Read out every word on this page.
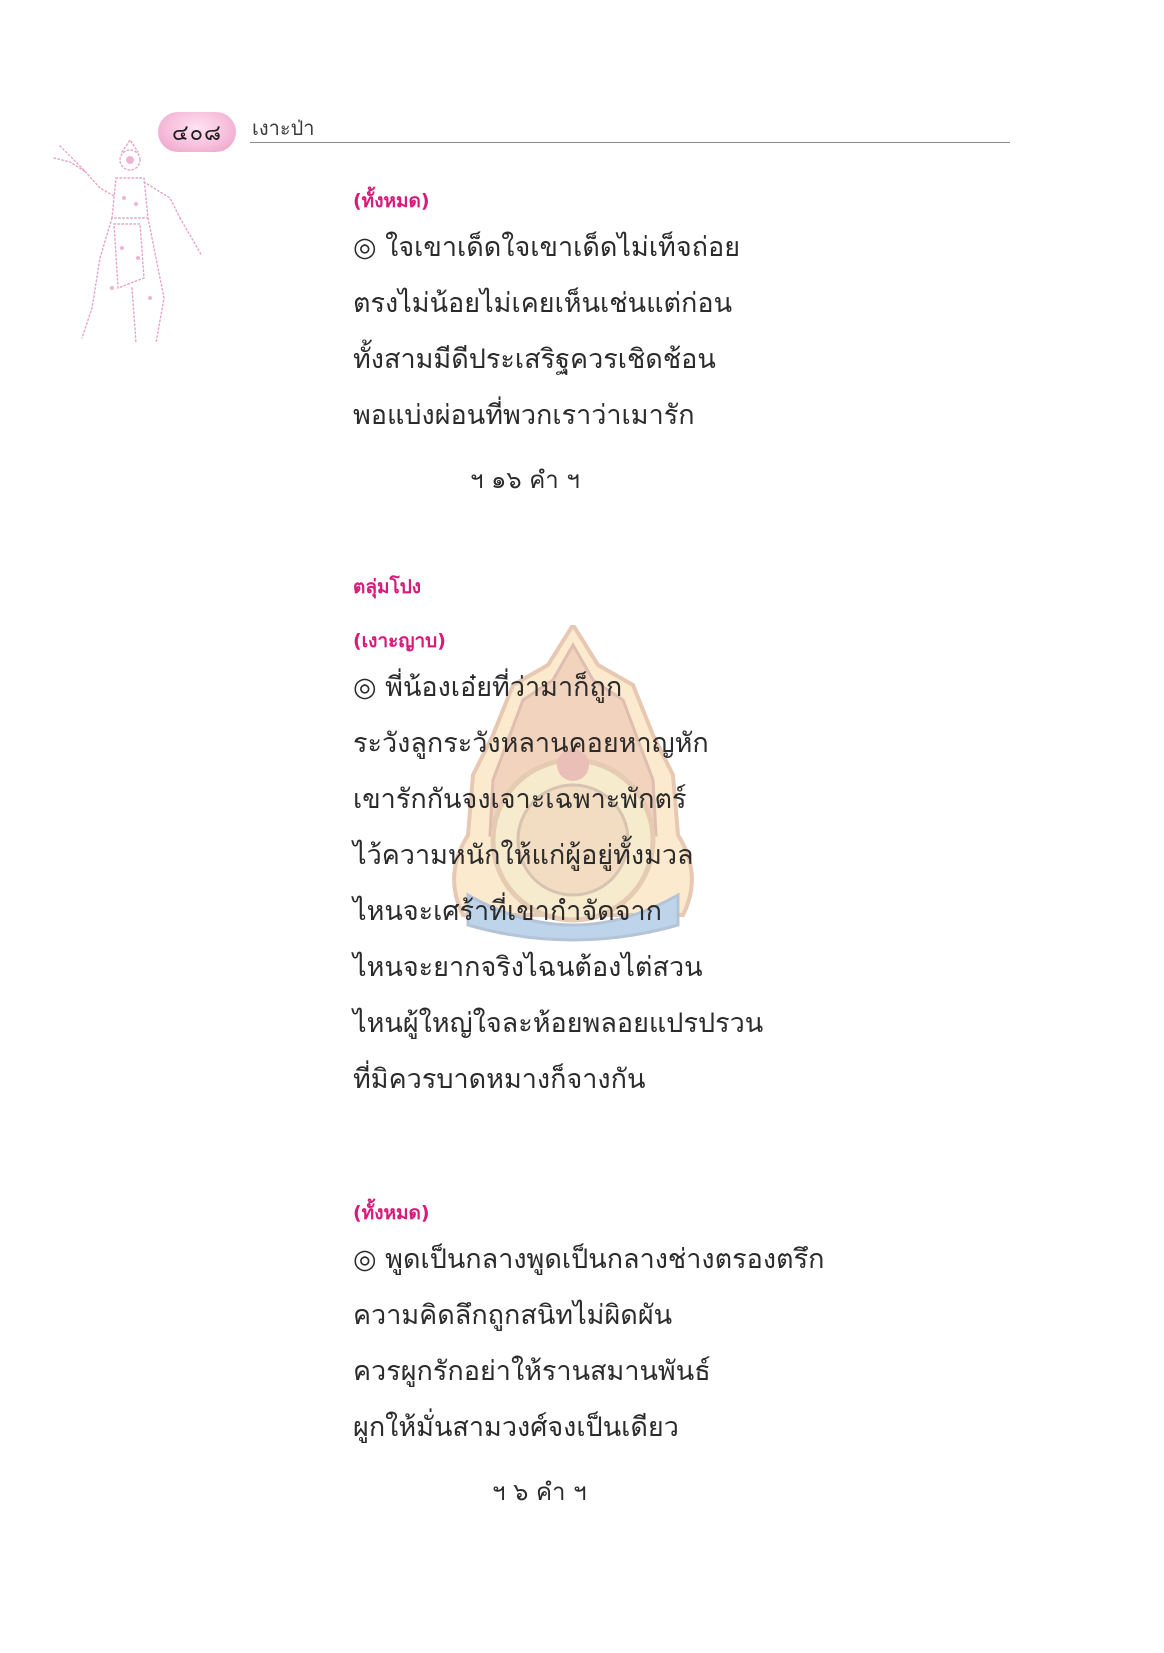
๔๐๘ เงาะป่า
(ทั้งหมด)
◎ ใจเขาเด็ดใจเขาเด็ดไม่เท็จถ่อย
ตรงไม่น้อยไม่เคยเห็นเช่นแต่ก่อน
ทั้งสามมีดีประเสริฐควรเชิดช้อน
พอแบ่งผ่อนที่พวกเราว่าเมารัก
ฯ ๑๖ คำ ฯ
ตลุ่มโปง
(เงาะญาบ)
◎ พี่น้องเอ๋ยที่ว่ามาก็ถูก
ระวังลูกระวังหลานคอยหาญหัก
เขารักกันจงเจาะเฉพาะพักตร์
ไว้ความหนักให้แก่ผู้อยู่ทั้งมวล
ไหนจะเศร้าที่เขากำจัดจาก
ไหนจะยากจริงไฉนต้องไต่สวน
ไหนผู้ใหญ่ใจละห้อยพลอยแปรปรวน
ที่มิควรบาดหมางก็จางกัน
(ทั้งหมด)
◎ พูดเป็นกลางพูดเป็นกลางช่างตรองตรึก
ความคิดลึกถูกสนิทไม่ผิดผัน
ควรผูกรักอย่าให้รานสมานพันธ์
ผูกให้มั่นสามวงศ์จงเป็นเดียว
ฯ ๖ คำ ฯ
